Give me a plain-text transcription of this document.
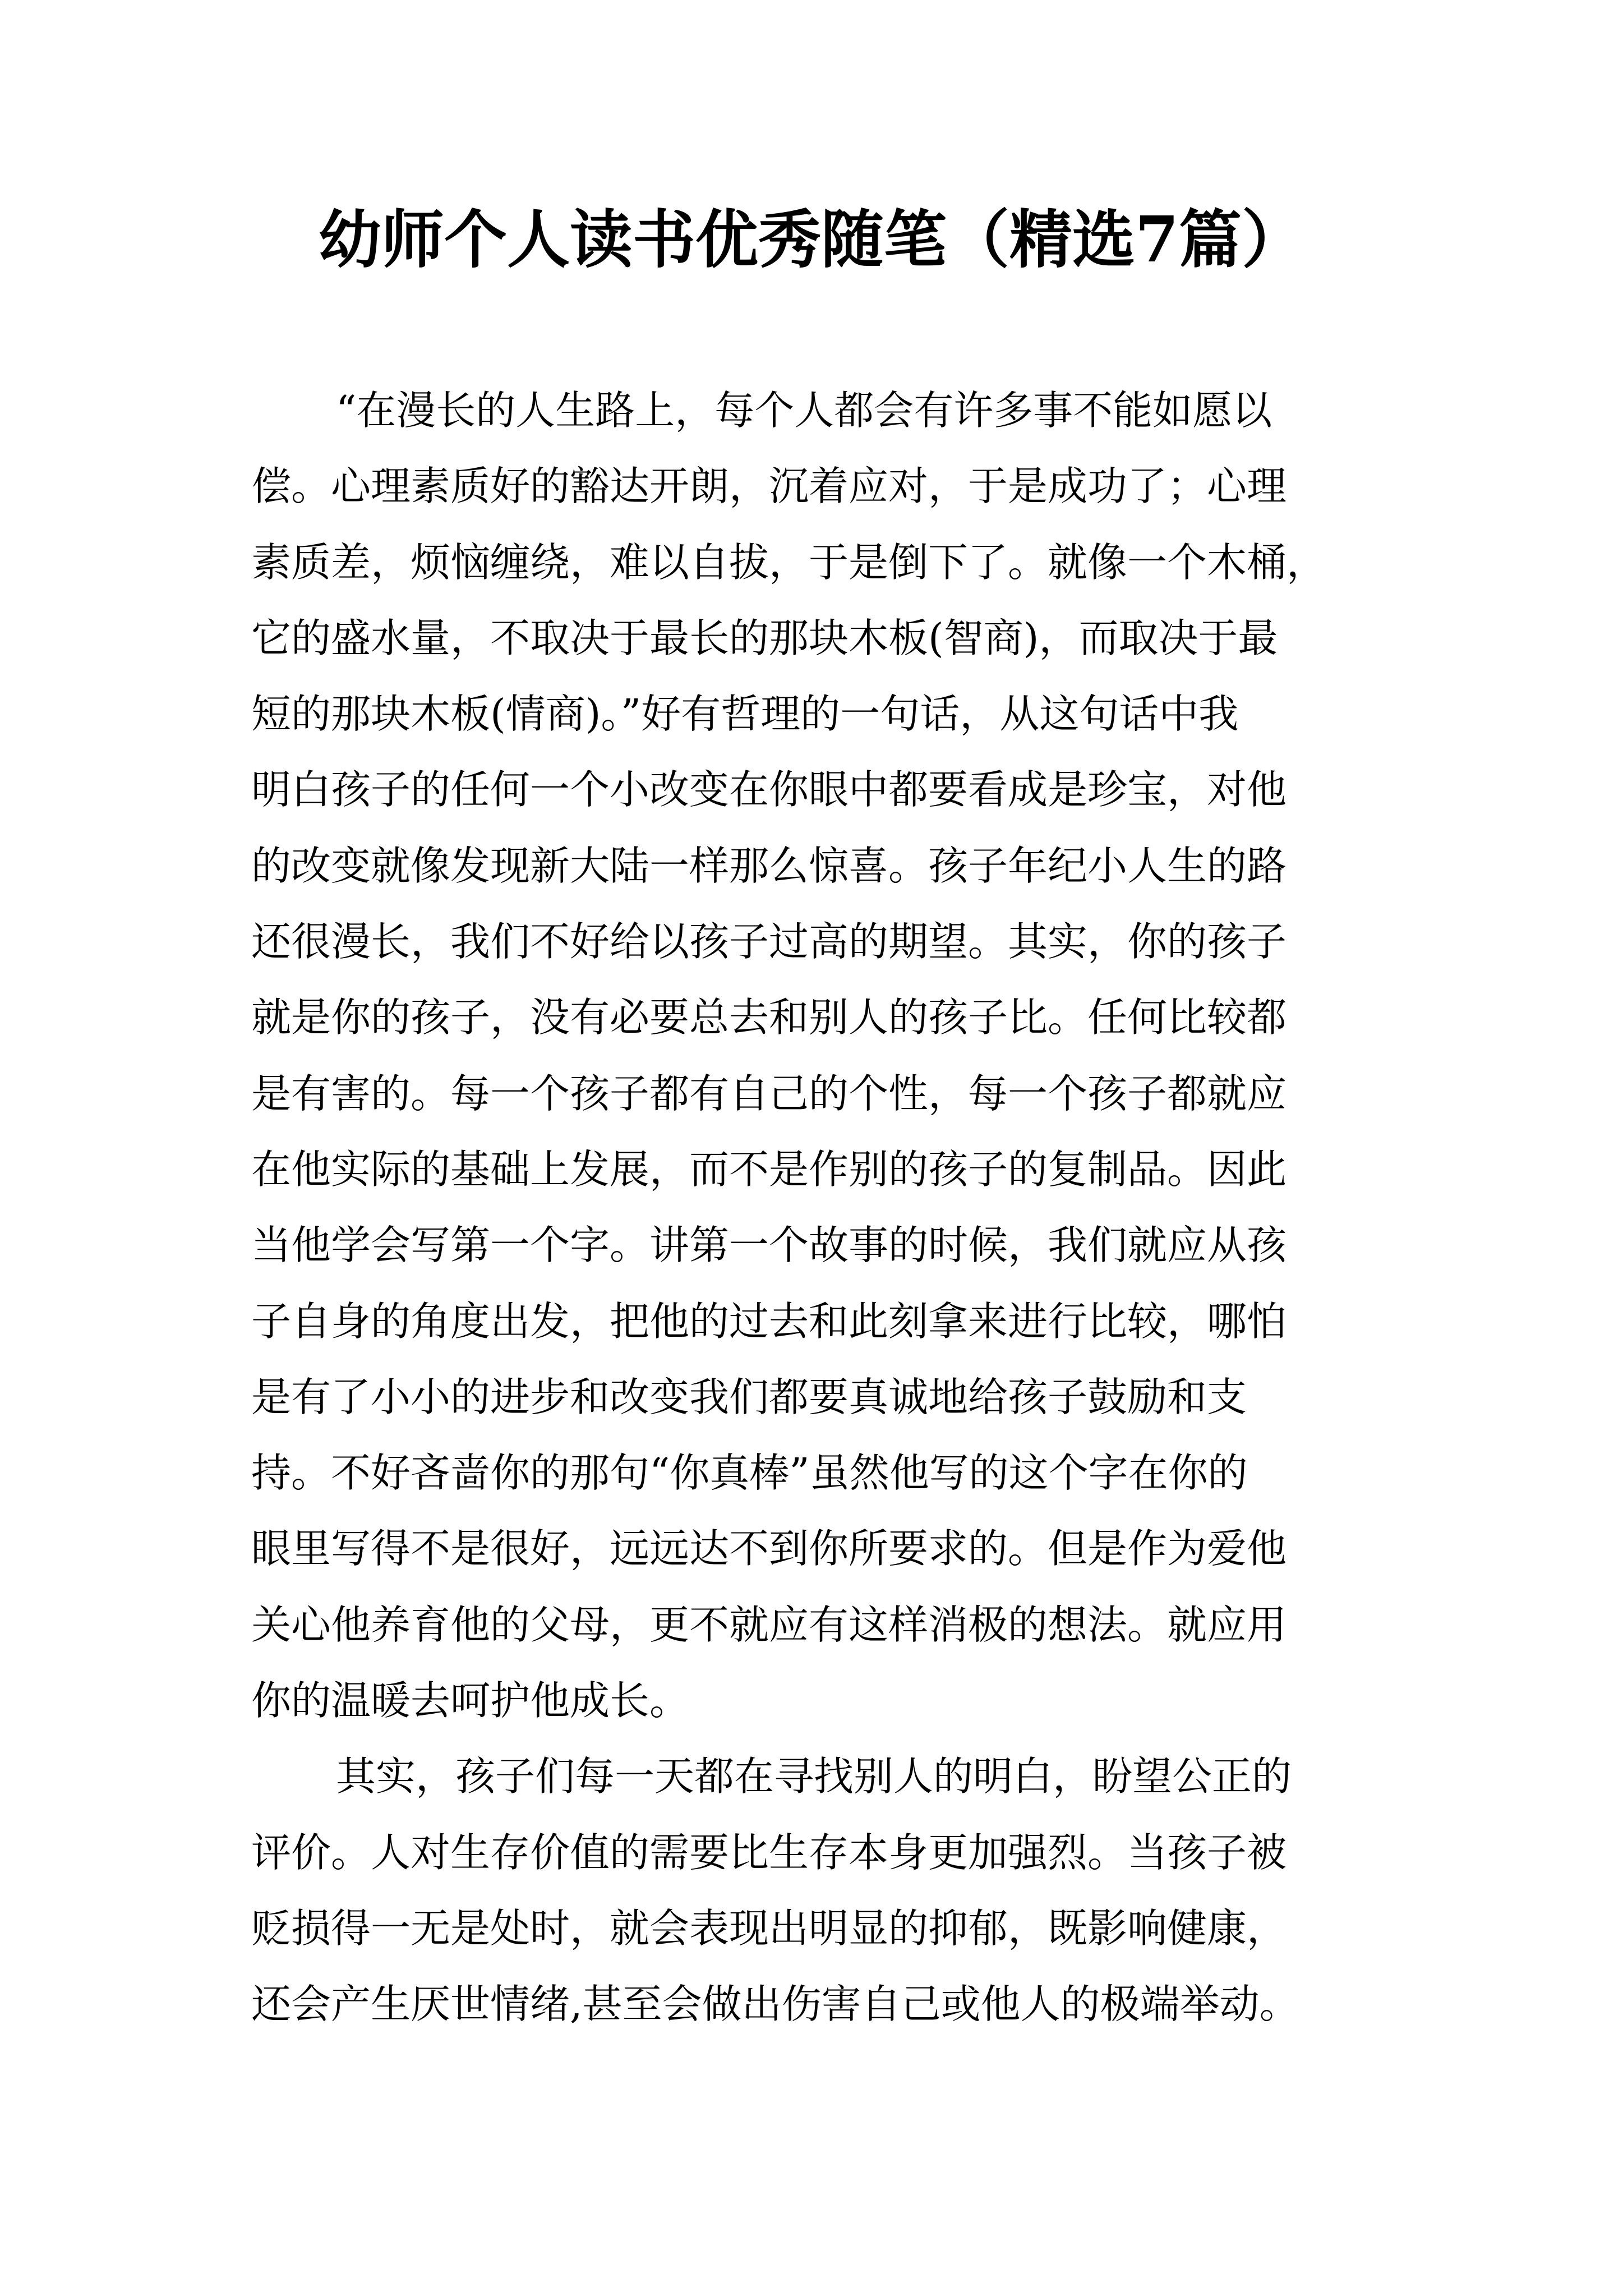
幼师个人读书优秀随笔（精选7篇）

“在漫长的人生路上，每个人都会有许多事不能如愿以
偿。心理素质好的豁达开朗，沉着应对，于是成功了；心理
素质差，烦恼缠绕，难以自拔，于是倒下了。就像一个木桶，
它的盛水量，不取决于最长的那块木板(智商)，而取决于最
短的那块木板(情商)。”好有哲理的一句话，从这句话中我
明白孩子的任何一个小改变在你眼中都要看成是珍宝，对他
的改变就像发现新大陆一样那么惊喜。孩子年纪小人生的路
还很漫长，我们不好给以孩子过高的期望。其实，你的孩子
就是你的孩子，没有必要总去和别人的孩子比。任何比较都
是有害的。每一个孩子都有自己的个性，每一个孩子都就应
在他实际的基础上发展，而不是作别的孩子的复制品。因此
当他学会写第一个字。讲第一个故事的时候，我们就应从孩
子自身的角度出发，把他的过去和此刻拿来进行比较，哪怕
是有了小小的进步和改变我们都要真诚地给孩子鼓励和支
持。不好吝啬你的那句“你真棒”虽然他写的这个字在你的
眼里写得不是很好，远远达不到你所要求的。但是作为爱他
关心他养育他的父母，更不就应有这样消极的想法。就应用
你的温暖去呵护他成长。

其实，孩子们每一天都在寻找别人的明白，盼望公正的
评价。人对生存价值的需要比生存本身更加强烈。当孩子被
贬损得一无是处时，就会表现出明显的抑郁，既影响健康，
还会产生厌世情绪,甚至会做出伤害自己或他人的极端举动。
